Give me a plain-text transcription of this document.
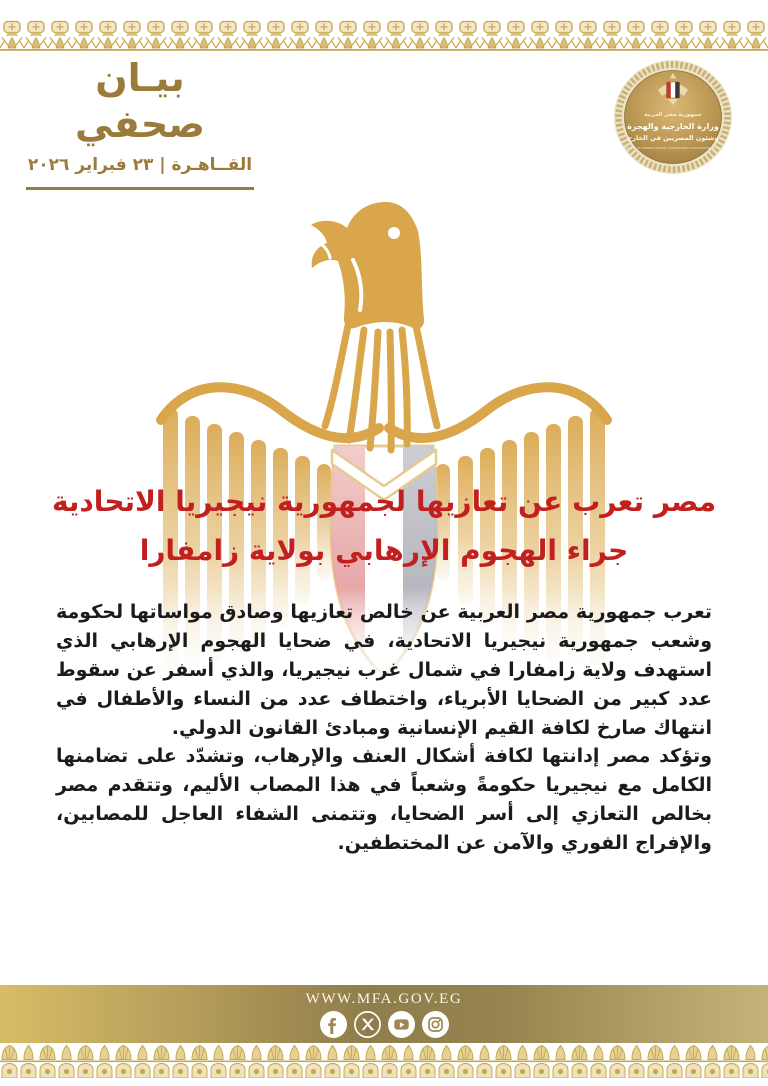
بيـان صحفي
القــاهـرة | ٢٣ فبراير ٢٠٢٦
جمهورية مصر العربية
وزارة الخارجية والهجرة
وشئون المصريين في الخارج
MINISTRY OF FOREIGN AFFAIRS, EMIGRATION & EGYPTIAN EXPATRIATES
مصر تعرب عن تعازيها لجمهورية نيجيريا الاتحادية جراء الهجوم الإرهابي بولاية زامفارا
تعرب جمهورية مصر العربية عن خالص تعازيها وصادق مواساتها لحكومة وشعب جمهورية نيجيريا الاتحادية، في ضحايا الهجوم الإرهابي الذي استهدف ولاية زامفارا في شمال غرب نيجيريا، والذي أسفر عن سقوط عدد كبير من الضحايا الأبرياء، واختطاف عدد من النساء والأطفال في انتهاك صارخ لكافة القيم الإنسانية ومبادئ القانون الدولي.
وتؤكد مصر إدانتها لكافة أشكال العنف والإرهاب، وتشدّد على تضامنها الكامل مع نيجيريا حكومةً وشعباً في هذا المصاب الأليم، وتتقدم مصر بخالص التعازي إلى أسر الضحايا، وتتمنى الشفاء العاجل للمصابين، والإفراج الفوري والآمن عن المختطفين.
WWW.MFA.GOV.EG
